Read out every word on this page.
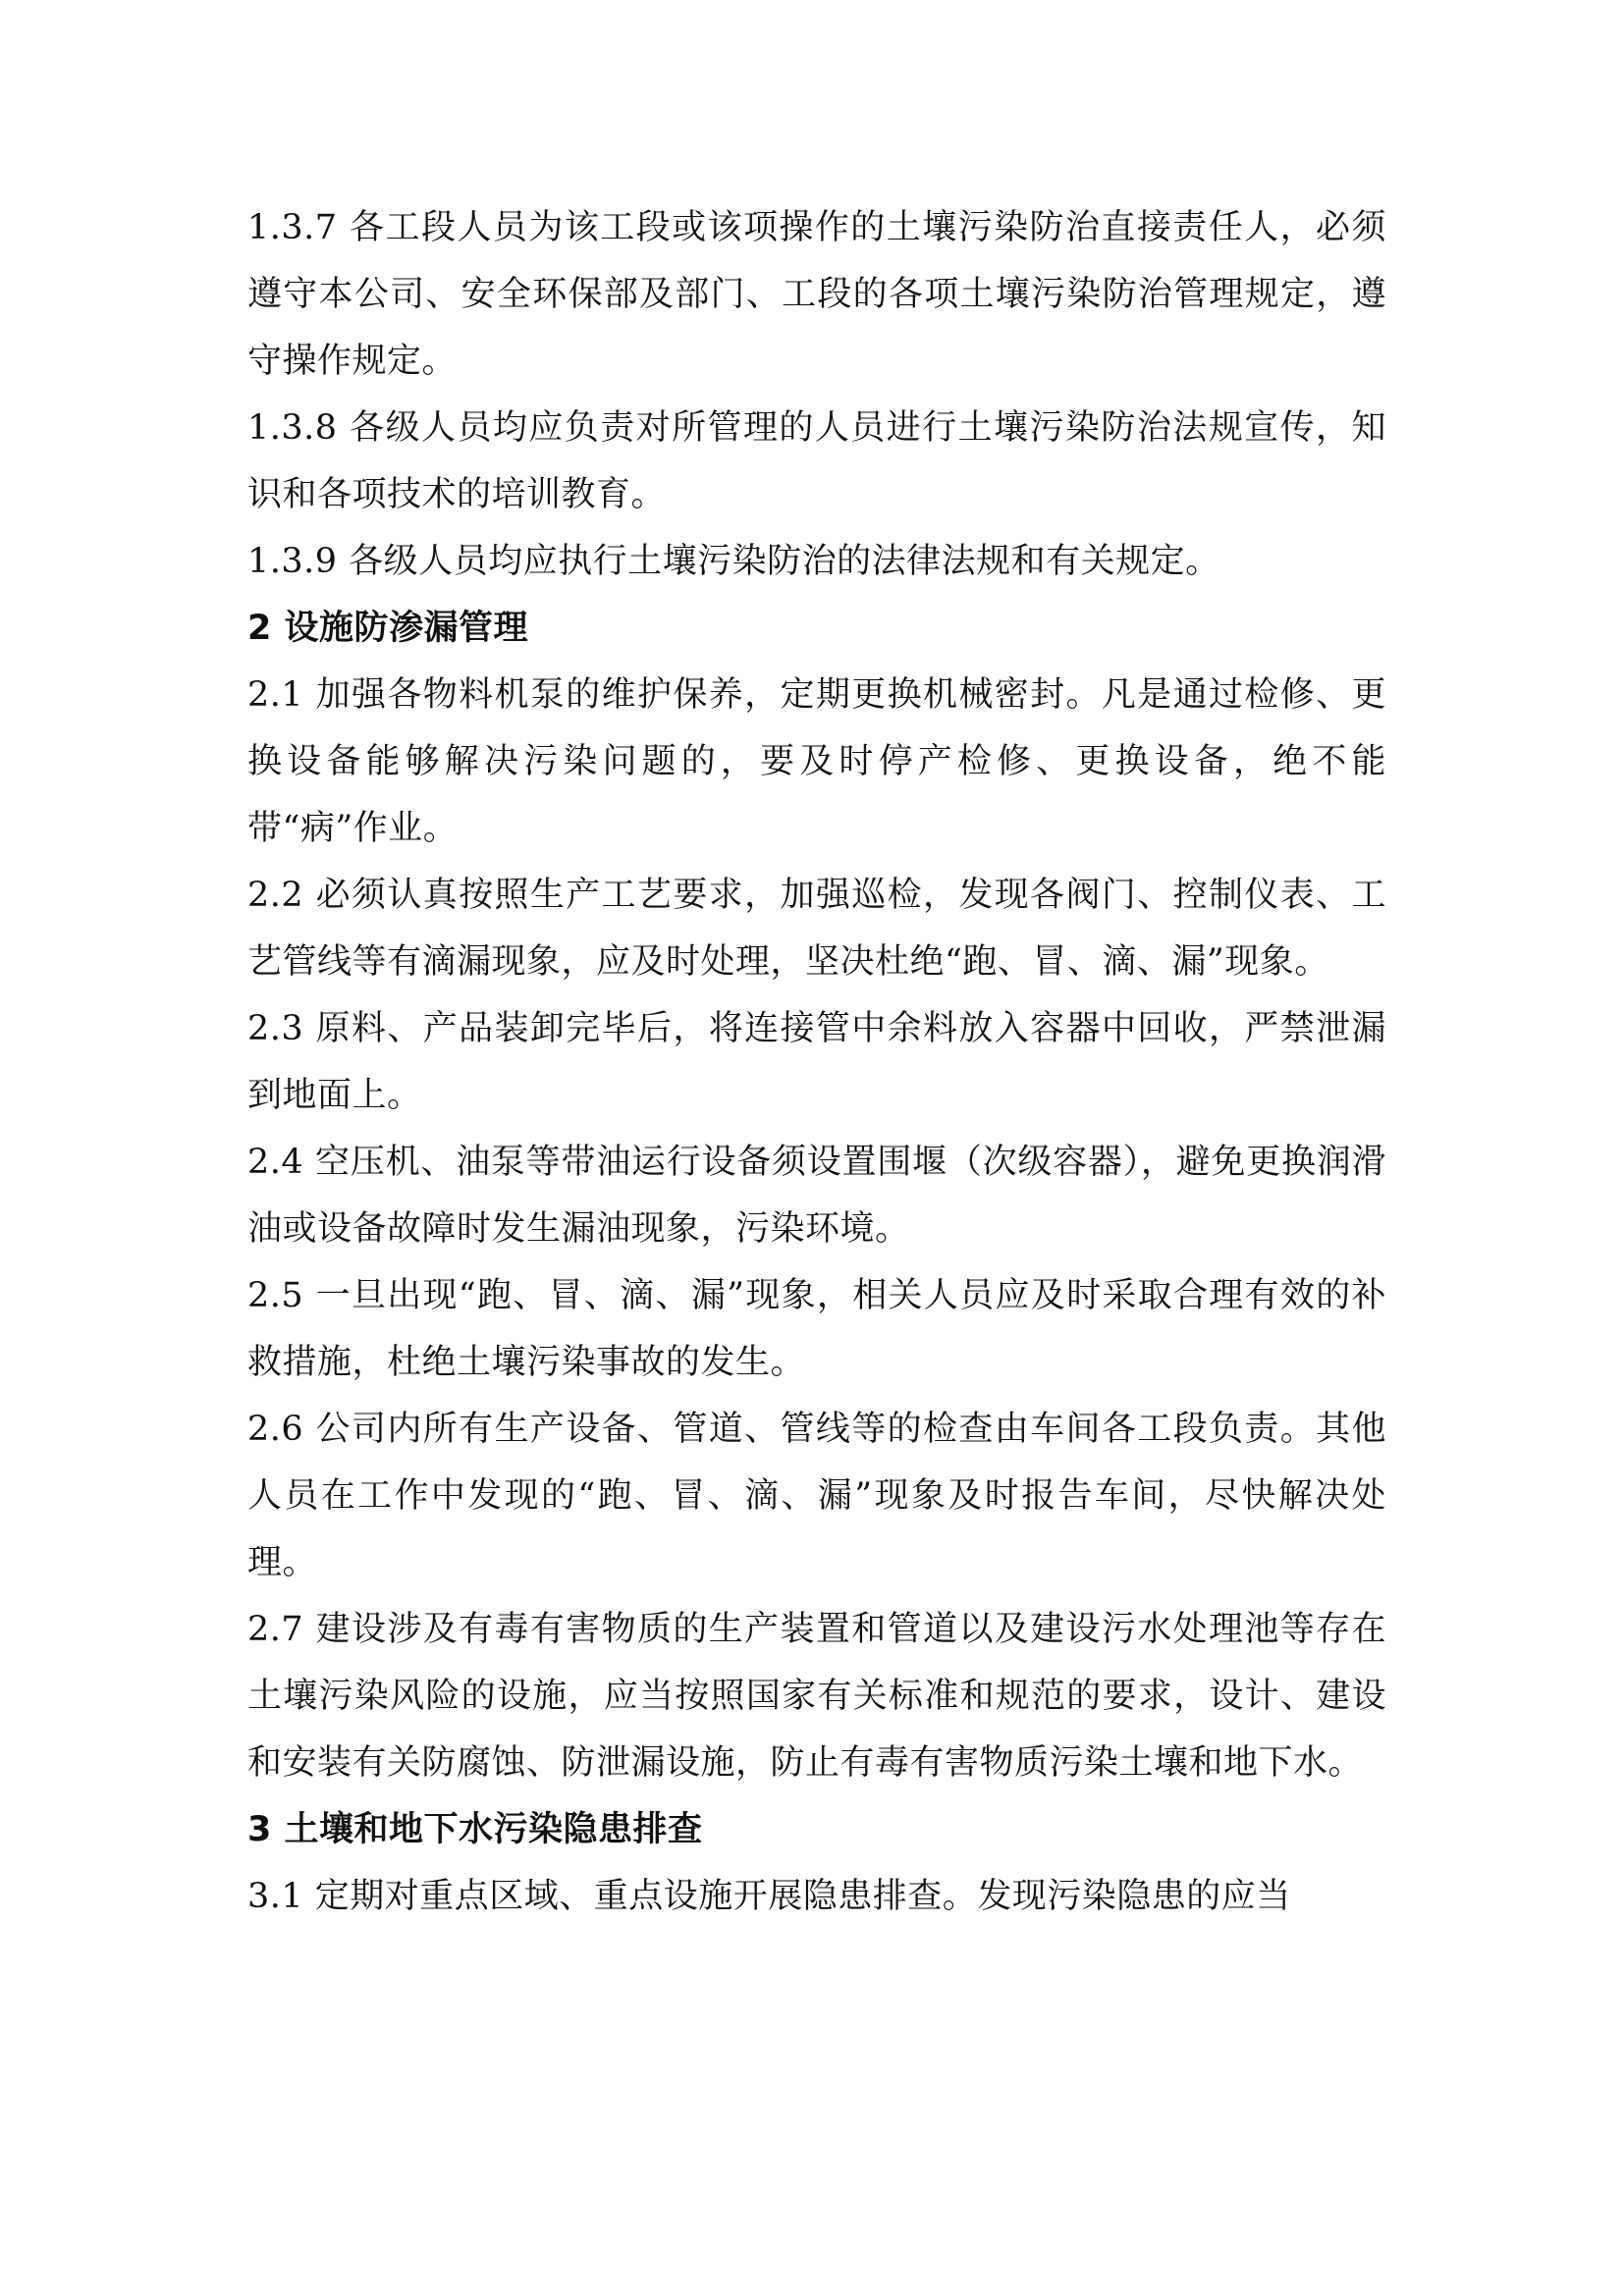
1.3.7 各工段人员为该工段或该项操作的土壤污染防治直接责任人，必须遵守本公司、安全环保部及部门、工段的各项土壤污染防治管理规定，遵守操作规定。

1.3.8 各级人员均应负责对所管理的人员进行土壤污染防治法规宣传，知识和各项技术的培训教育。

1.3.9 各级人员均应执行土壤污染防治的法律法规和有关规定。

2 设施防渗漏管理

2.1 加强各物料机泵的维护保养，定期更换机械密封。凡是通过检修、更换设备能够解决污染问题的，要及时停产检修、更换设备，绝不能带“病”作业。

2.2 必须认真按照生产工艺要求，加强巡检，发现各阀门、控制仪表、工艺管线等有滴漏现象，应及时处理，坚决杜绝“跑、冒、滴、漏”现象。

2.3 原料、产品装卸完毕后，将连接管中余料放入容器中回收，严禁泄漏到地面上。

2.4 空压机、油泵等带油运行设备须设置围堰（次级容器），避免更换润滑油或设备故障时发生漏油现象，污染环境。

2.5 一旦出现“跑、冒、滴、漏”现象，相关人员应及时采取合理有效的补救措施，杜绝土壤污染事故的发生。

2.6 公司内所有生产设备、管道、管线等的检查由车间各工段负责。其他人员在工作中发现的“跑、冒、滴、漏”现象及时报告车间，尽快解决处理。

2.7 建设涉及有毒有害物质的生产装置和管道以及建设污水处理池等存在土壤污染风险的设施，应当按照国家有关标准和规范的要求，设计、建设和安装有关防腐蚀、防泄漏设施，防止有毒有害物质污染土壤和地下水。

3 土壤和地下水污染隐患排查

3.1 定期对重点区域、重点设施开展隐患排查。发现污染隐患的应当
